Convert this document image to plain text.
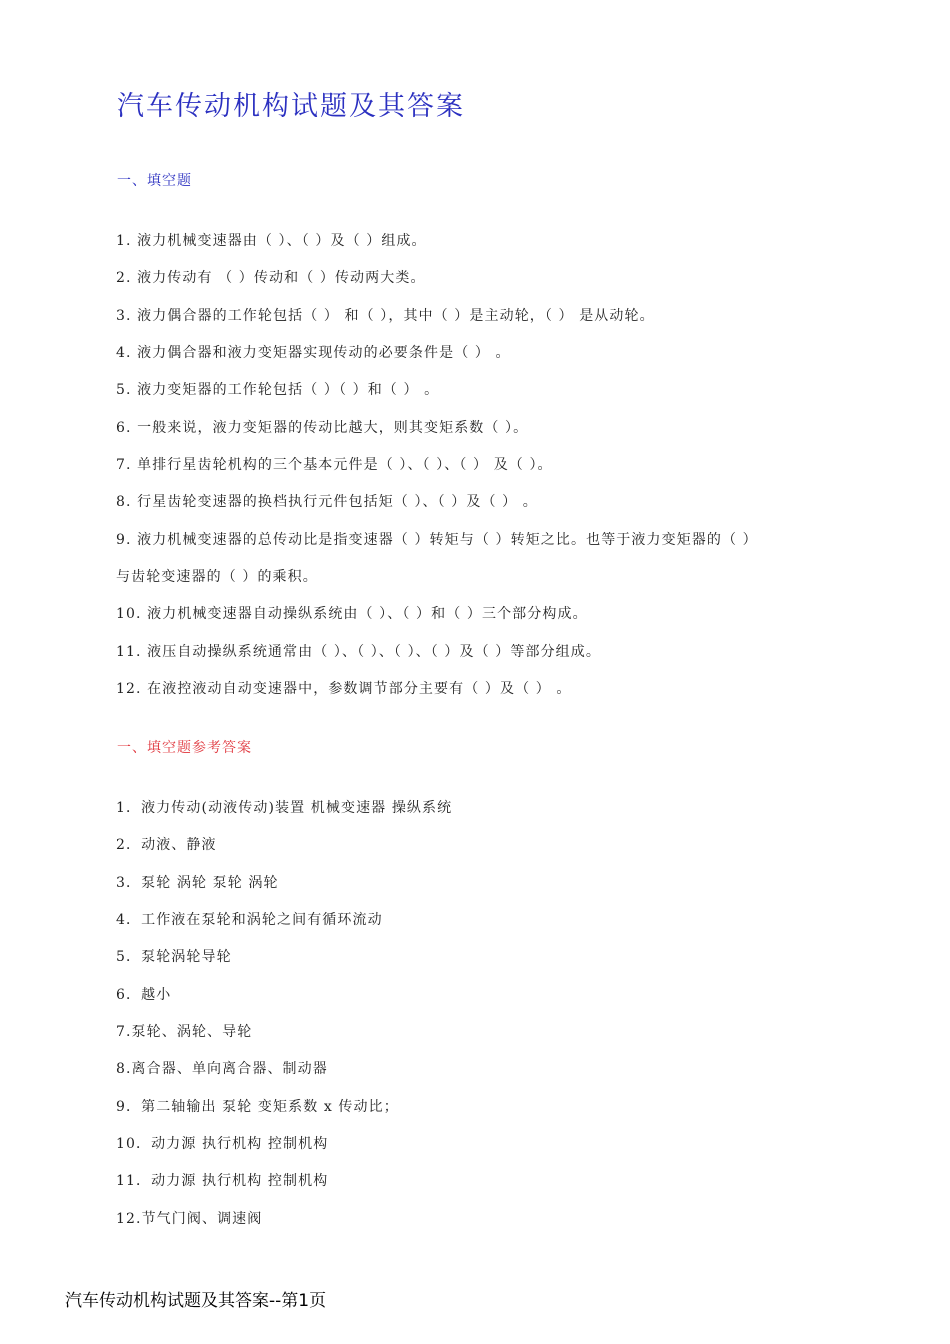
汽车传动机构试题及其答案
一、填空题
1. 液力机械变速器由（ ）、（ ）及（ ）组成。
2. 液力传动有 （ ）传动和（ ）传动两大类。
3. 液力偶合器的工作轮包括（ ） 和（ ），其中（ ）是主动轮，（ ） 是从动轮。
4. 液力偶合器和液力变矩器实现传动的必要条件是（ ） 。
5. 液力变矩器的工作轮包括（ ）（ ）和（ ） 。
6. 一般来说，液力变矩器的传动比越大，则其变矩系数（ ）。
7. 单排行星齿轮机构的三个基本元件是（ ）、（ ）、（ ） 及（ ）。
8. 行星齿轮变速器的换档执行元件包括矩（ ）、（ ）及（ ） 。
9. 液力机械变速器的总传动比是指变速器（ ）转矩与（ ）转矩之比。也等于液力变矩器的（ ）
与齿轮变速器的（ ）的乘积。
10. 液力机械变速器自动操纵系统由（ ）、（ ）和（ ）三个部分构成。
11. 液压自动操纵系统通常由（ ）、（ ）、（ ）、（ ）及（ ）等部分组成。
12. 在液控液动自动变速器中，参数调节部分主要有（ ）及（ ） 。
一、填空题参考答案
1．液力传动(动液传动)装置 机械变速器 操纵系统
2．动液、静液
3．泵轮 涡轮 泵轮 涡轮
4．工作液在泵轮和涡轮之间有循环流动
5．泵轮涡轮导轮
6．越小
7.泵轮、涡轮、导轮
8.离合器、单向离合器、制动器
9．第二轴输出 泵轮 变矩系数 x 传动比；
10．动力源 执行机构 控制机构
11．动力源 执行机构 控制机构
12.节气门阀、调速阀
汽车传动机构试题及其答案--第1页
